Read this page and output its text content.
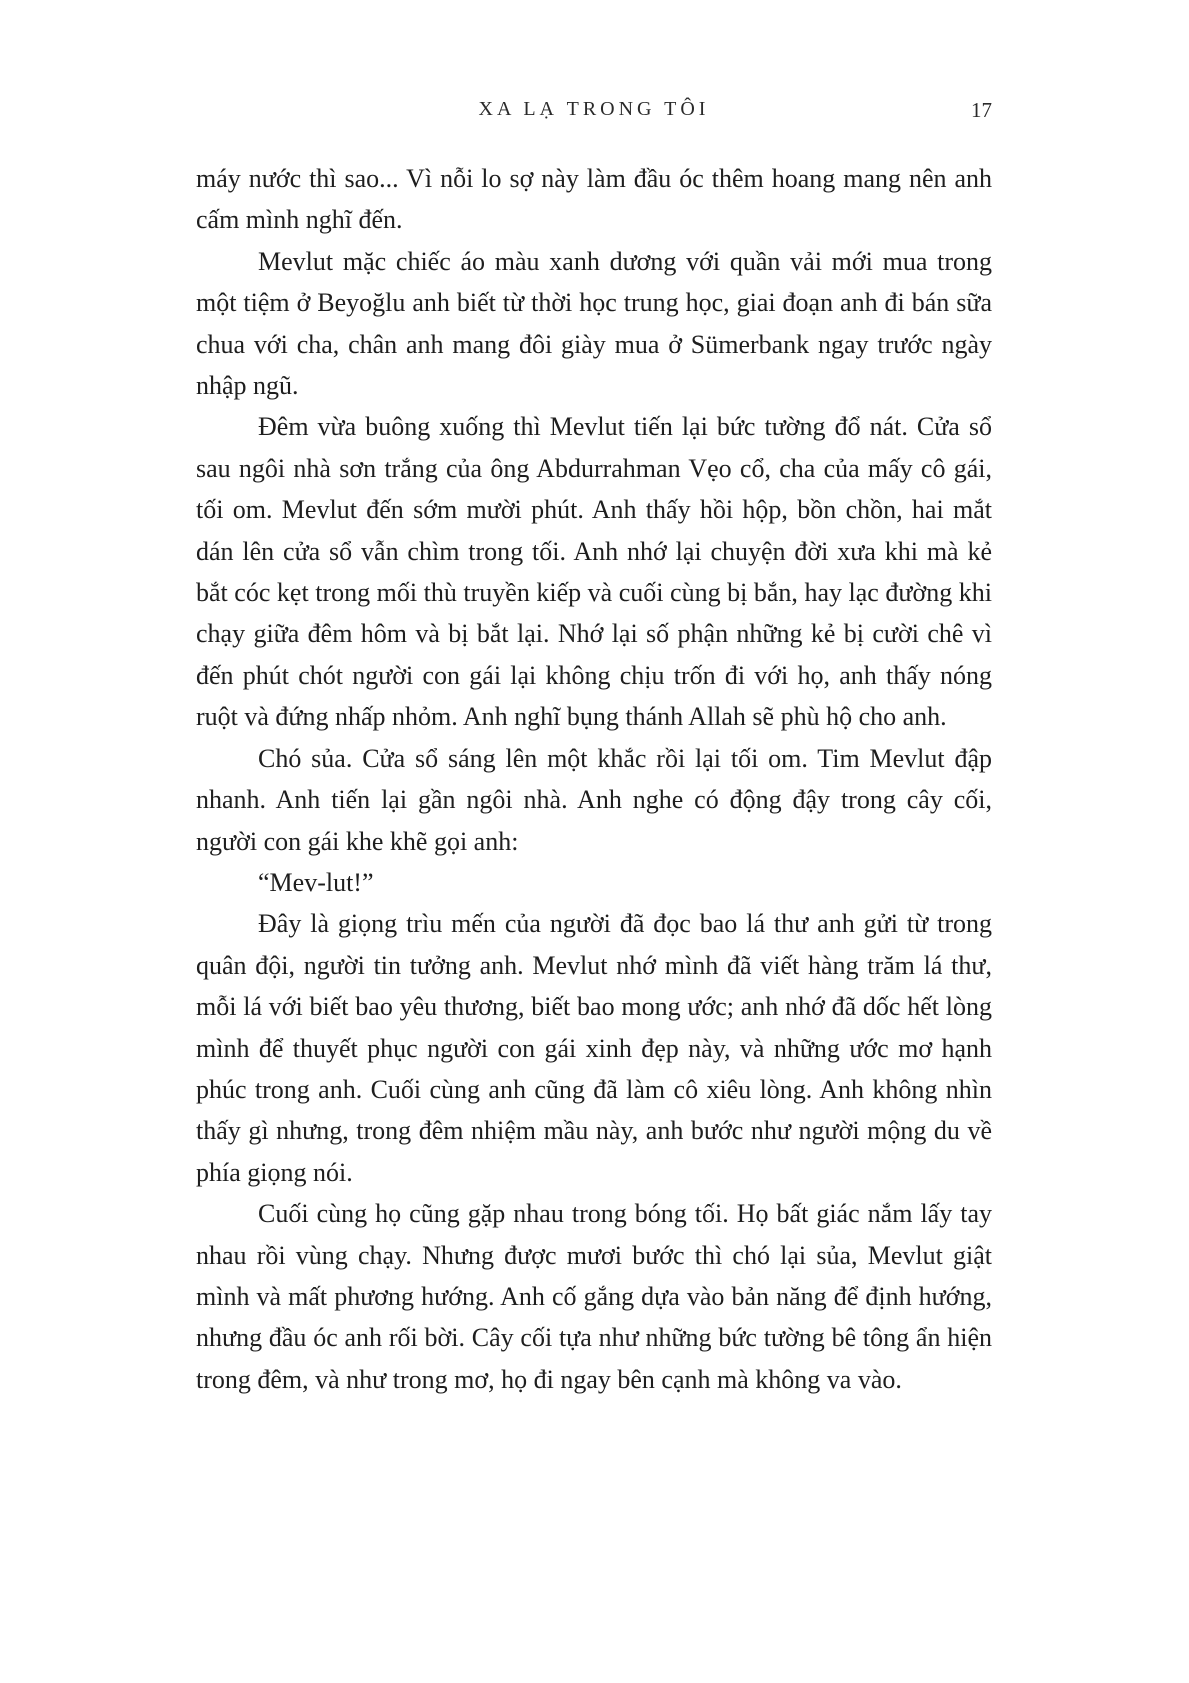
XA LẠ TRONG TÔI	17

máy nước thì sao... Vì nỗi lo sợ này làm đầu óc thêm hoang mang nên anh cấm mình nghĩ đến.

Mevlut mặc chiếc áo màu xanh dương với quần vải mới mua trong một tiệm ở Beyoğlu anh biết từ thời học trung học, giai đoạn anh đi bán sữa chua với cha, chân anh mang đôi giày mua ở Sümerbank ngay trước ngày nhập ngũ.

Đêm vừa buông xuống thì Mevlut tiến lại bức tường đổ nát. Cửa sổ sau ngôi nhà sơn trắng của ông Abdurrahman Vẹo cổ, cha của mấy cô gái, tối om. Mevlut đến sớm mười phút. Anh thấy hồi hộp, bồn chồn, hai mắt dán lên cửa sổ vẫn chìm trong tối. Anh nhớ lại chuyện đời xưa khi mà kẻ bắt cóc kẹt trong mối thù truyền kiếp và cuối cùng bị bắn, hay lạc đường khi chạy giữa đêm hôm và bị bắt lại. Nhớ lại số phận những kẻ bị cười chê vì đến phút chót người con gái lại không chịu trốn đi với họ, anh thấy nóng ruột và đứng nhấp nhỏm. Anh nghĩ bụng thánh Allah sẽ phù hộ cho anh.

Chó sủa. Cửa sổ sáng lên một khắc rồi lại tối om. Tim Mevlut đập nhanh. Anh tiến lại gần ngôi nhà. Anh nghe có động đậy trong cây cối, người con gái khe khẽ gọi anh:

“Mev-lut!”

Đây là giọng trìu mến của người đã đọc bao lá thư anh gửi từ trong quân đội, người tin tưởng anh. Mevlut nhớ mình đã viết hàng trăm lá thư, mỗi lá với biết bao yêu thương, biết bao mong ước; anh nhớ đã dốc hết lòng mình để thuyết phục người con gái xinh đẹp này, và những ước mơ hạnh phúc trong anh. Cuối cùng anh cũng đã làm cô xiêu lòng. Anh không nhìn thấy gì nhưng, trong đêm nhiệm mầu này, anh bước như người mộng du về phía giọng nói.

Cuối cùng họ cũng gặp nhau trong bóng tối. Họ bất giác nắm lấy tay nhau rồi vùng chạy. Nhưng được mươi bước thì chó lại sủa, Mevlut giật mình và mất phương hướng. Anh cố gắng dựa vào bản năng để định hướng, nhưng đầu óc anh rối bời. Cây cối tựa như những bức tường bê tông ẩn hiện trong đêm, và như trong mơ, họ đi ngay bên cạnh mà không va vào.
